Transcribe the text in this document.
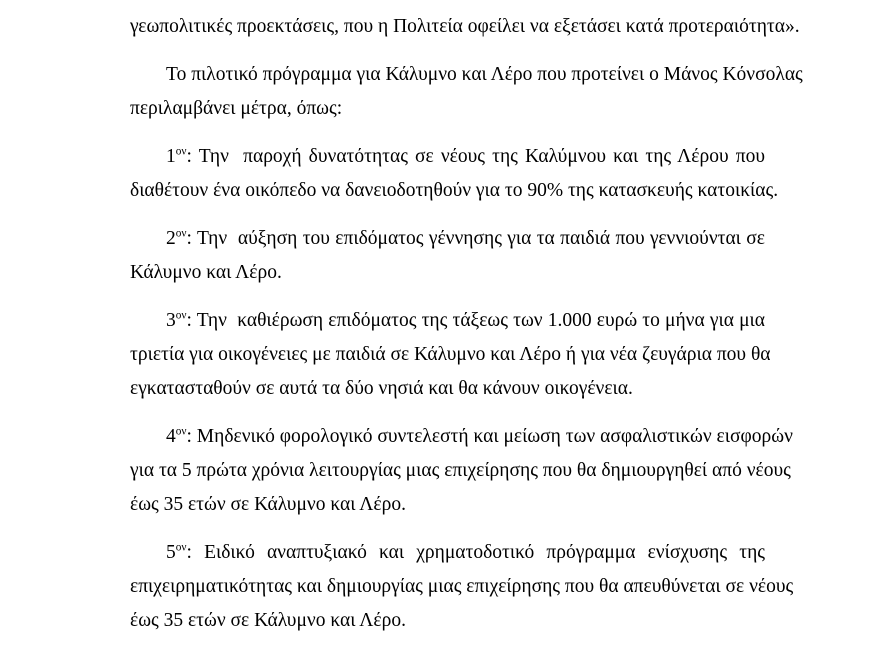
γεωπολιτικές προεκτάσεις, που η Πολιτεία οφείλει να εξετάσει κατά προτεραιότητα».
Το πιλοτικό πρόγραμμα για Κάλυμνο και Λέρο που προτείνει ο Μάνος Κόνσολας
περιλαμβάνει μέτρα, όπως:
$1^{o\nu}$: Την  παροχή δυνατότητας σε νέους της Καλύμνου και της Λέρου που
διαθέτουν ένα οικόπεδο να δανειοδοτηθούν για το 90% της κατασκευής κατοικίας.
$2^{o\nu}$: Την  αύξηση του επιδόματος γέννησης για τα παιδιά που γεννιούνται σε
Κάλυμνο και Λέρο.
$3^{o\nu}$: Την  καθιέρωση επιδόματος της τάξεως των 1.000 ευρώ το μήνα για μια
τριετία για οικογένειες με παιδιά σε Κάλυμνο και Λέρο ή για νέα ζευγάρια που θα
εγκατασταθούν σε αυτά τα δύο νησιά και θα κάνουν οικογένεια.
$4^{o\nu}$: Μηδενικό φορολογικό συντελεστή και μείωση των ασφαλιστικών εισφορών
για τα 5 πρώτα χρόνια λειτουργίας μιας επιχείρησης που θα δημιουργηθεί από νέους
έως 35 ετών σε Κάλυμνο και Λέρο.
$5^{o\nu}$: Ειδικό αναπτυξιακό και χρηματοδοτικό πρόγραμμα ενίσχυσης της
επιχειρηματικότητας και δημιουργίας μιας επιχείρησης που θα απευθύνεται σε νέους
έως 35 ετών σε Κάλυμνο και Λέρο.
